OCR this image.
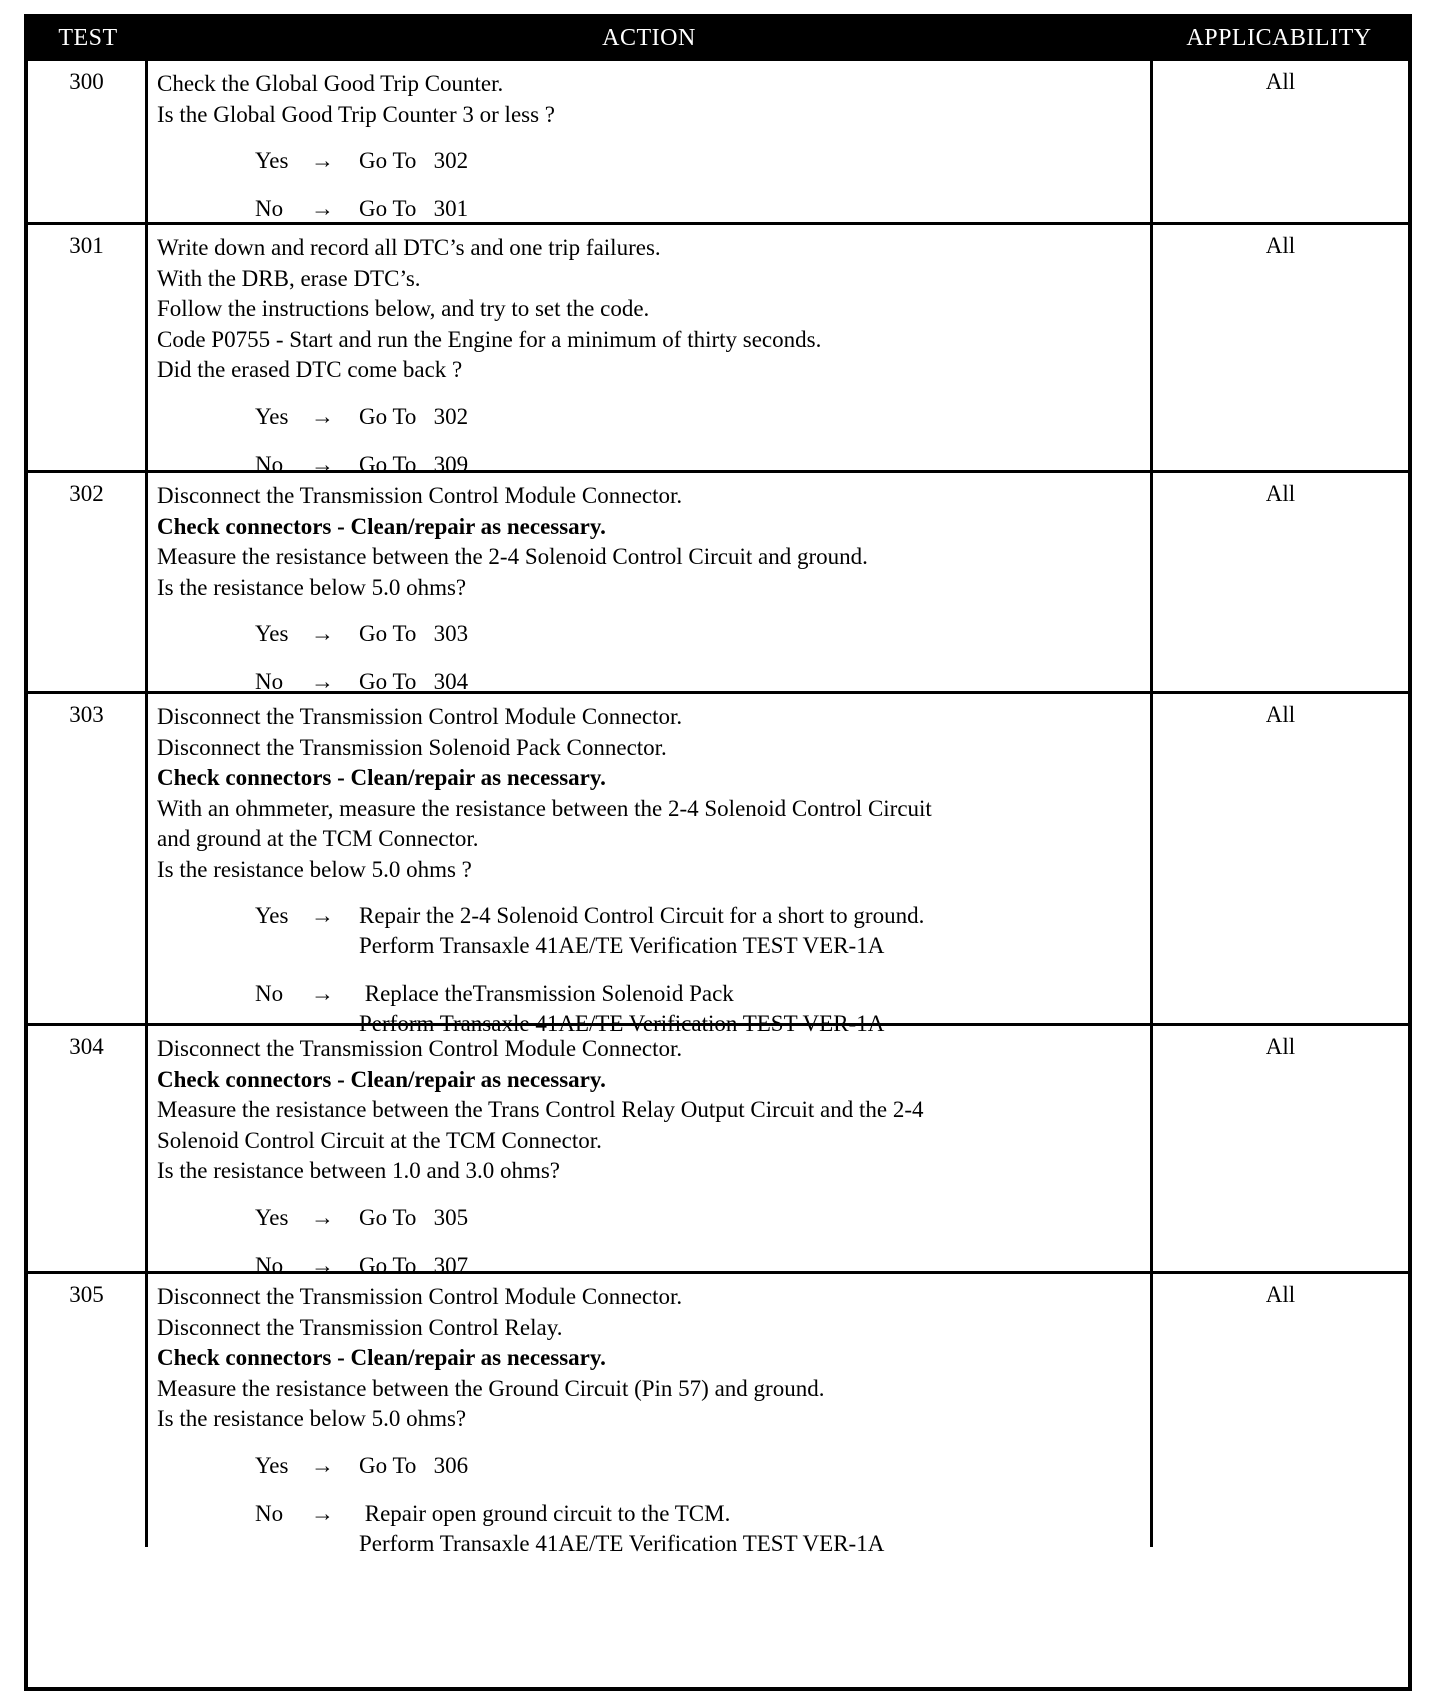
TEST	ACTION	APPLICABILITY
300	Check the Global Good Trip Counter.
Is the Global Good Trip Counter 3 or less ?
Yes →	Go To   302
No	→	Go To   301
All
301	Write down and record all DTC’s and one trip failures.
With the DRB, erase DTC’s.
Follow the instructions below, and try to set the code.
Code P0755 - Start and run the Engine for a minimum of thirty seconds.
Did the erased DTC come back ?
Yes →	Go To   302
No	→	Go To   309
All
302	Disconnect the Transmission Control Module Connector.
Check connectors - Clean/repair as necessary.
Measure the resistance between the 2-4 Solenoid Control Circuit and ground.
Is the resistance below 5.0 ohms?
Yes →	Go To   303
No	→	Go To   304
All
303	Disconnect the Transmission Control Module Connector.
Disconnect the Transmission Solenoid Pack Connector.
Check connectors - Clean/repair as necessary.
With an ohmmeter, measure the resistance between the 2-4 Solenoid Control Circuit
and ground at the TCM Connector.
Is the resistance below 5.0 ohms ?
Yes →	Repair the 2-4 Solenoid Control Circuit for a short to ground.
Perform Transaxle 41AE/TE Verification TEST VER-1A
No	→	Replace theTransmission Solenoid Pack
Perform Transaxle 41AE/TE Verification TEST VER-1A
All
304	Disconnect the Transmission Control Module Connector.
Check connectors - Clean/repair as necessary.
Measure the resistance between the Trans Control Relay Output Circuit and the 2-4
Solenoid Control Circuit at the TCM Connector.
Is the resistance between 1.0 and 3.0 ohms?
Yes →	Go To   305
No	→	Go To   307
All
305	Disconnect the Transmission Control Module Connector.
Disconnect the Transmission Control Relay.
Check connectors - Clean/repair as necessary.
Measure the resistance between the Ground Circuit (Pin 57) and ground.
Is the resistance below 5.0 ohms?
Yes →	Go To   306
No	→	Repair open ground circuit to the TCM.
Perform Transaxle 41AE/TE Verification TEST VER-1A
All
